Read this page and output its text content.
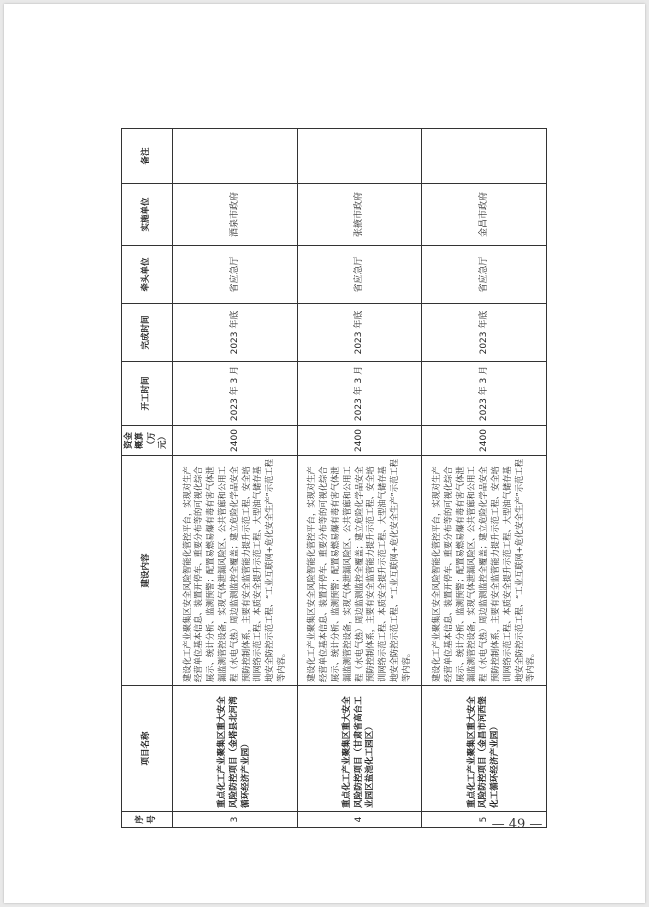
序号	项目名称	建设内容	资金概算（万元）	开工时间	完成时间	牵头单位	实施单位	备注
3	重点化工产业聚集区重大安全风险防控项目（金塔县北河湾循环经济产业园）	建设化工产业聚集区安全风险智能化管控平台，实现对生产经营单位基本信息、装置开停车、重要分布等的可视化综合展示、统计分析、监测预警；配置易燃易爆有毒有害气体泄漏监测管控设备，实现气体泄漏风险区、公共管廊和公用工程（水电气热）周边监测监控全覆盖；建立危险化学品安全预防控制体系，主要有安全监管能力提升示范工程、安全培训网络示范工程、本质安全提升示范工程、大型油气储存基地安全防控示范工程、“工业互联网+危化安全生产”示范工程等内容。	2400	2023 年 3 月	2023 年底	省应急厅	酒泉市政府	
4	重点化工产业聚集区重大安全风险防控项目（甘肃省高台工业园区盐池化工园区）	建设化工产业聚集区安全风险智能化管控平台，实现对生产经营单位基本信息、装置开停车、重要分布等的可视化综合展示、统计分析、监测预警；配置易燃易爆有毒有害气体泄漏监测管控设备，实现气体泄漏风险区、公共管廊和公用工程（水电气热）周边监测监控全覆盖；建立危险化学品安全预防控制体系，主要有安全监管能力提升示范工程、安全培训网络示范工程、本质安全提升示范工程、大型油气储存基地安全防控示范工程、“工业互联网+危化安全生产”示范工程等内容。	2400	2023 年 3 月	2023 年底	省应急厅	张掖市政府	
5	重点化工产业聚集区重大安全风险防控项目（金昌市河西堡化工循环经济产业园）	建设化工产业聚集区安全风险智能化管控平台，实现对生产经营单位基本信息、装置开停车、重要分布等的可视化综合展示、统计分析、监测预警；配置易燃易爆有毒有害气体泄漏监测管控设备，实现气体泄漏风险区、公共管廊和公用工程（水电气热）周边监测监控全覆盖；建立危险化学品安全预防控制体系，主要有安全监管能力提升示范工程、安全培训网络示范工程、本质安全提升示范工程、大型油气储存基地安全防控示范工程、“工业互联网+危化安全生产”示范工程等内容。	2400	2023 年 3 月	2023 年底	省应急厅	金昌市政府	
— 49 —
